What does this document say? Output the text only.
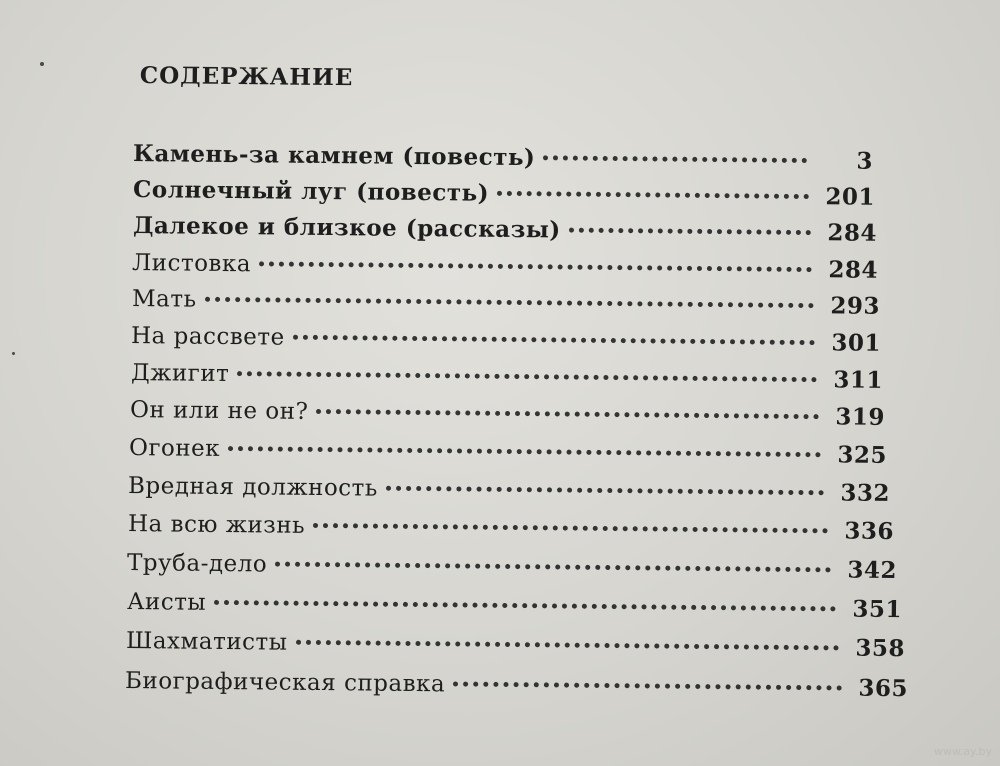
СОДЕРЖАНИЕ
Камень-за камнем (повесть)	3
Солнечный луг (повесть)	201
Далекое и близкое (рассказы)	284
Листовка	284
Мать	293
На рассвете	301
Джигит	311
Он или не он?	319
Огонек	325
Вредная должность	332
На всю жизнь	336
Труба-дело	342
Аисты	351
Шахматисты	358
Биографическая справка	365
www.ay.by
